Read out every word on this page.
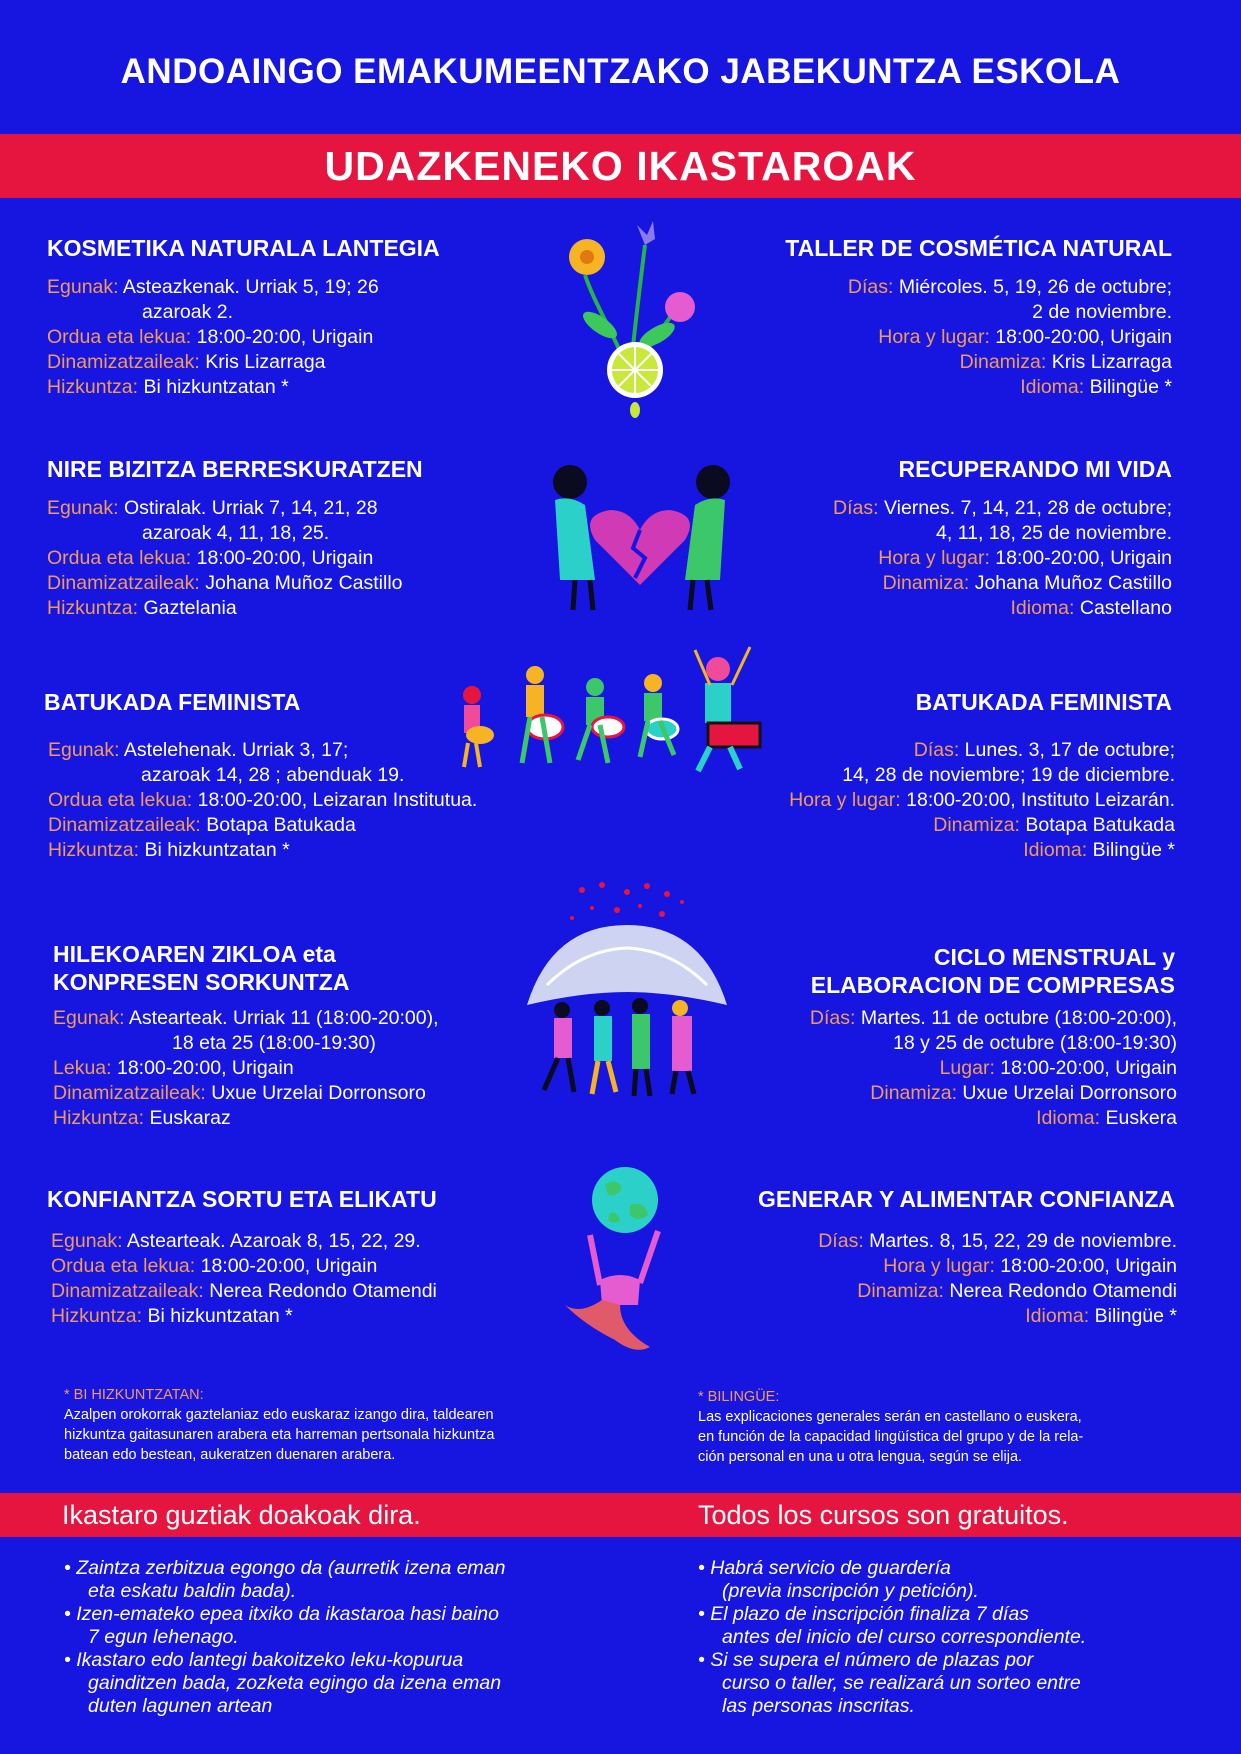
ANDOAINGO EMAKUMEENTZAKO JABEKUNTZA ESKOLA
UDAZKENEKO IKASTAROAK
KOSMETIKA NATURALA LANTEGIA
Egunak: Asteazkenak. Urriak 5, 19; 26
azaroak 2.
Ordua eta lekua: 18:00-20:00, Urigain
Dinamizatzaileak: Kris Lizarraga
Hizkuntza: Bi hizkuntzatan *
TALLER DE COSMÉTICA NATURAL
Días: Miércoles. 5, 19, 26 de octubre;
2 de noviembre.
Hora y lugar: 18:00-20:00, Urigain
Dinamiza: Kris Lizarraga
Idioma: Bilingüe *
NIRE BIZITZA BERRESKURATZEN
Egunak: Ostiralak. Urriak 7, 14, 21, 28
azaroak 4, 11, 18, 25.
Ordua eta lekua: 18:00-20:00, Urigain
Dinamizatzaileak: Johana Muñoz Castillo
Hizkuntza: Gaztelania
RECUPERANDO MI VIDA
Días: Viernes. 7, 14, 21, 28 de octubre;
4, 11, 18, 25 de noviembre.
Hora y lugar: 18:00-20:00, Urigain
Dinamiza: Johana Muñoz Castillo
Idioma: Castellano
BATUKADA FEMINISTA
Egunak: Astelehenak. Urriak 3, 17;
azaroak 14, 28 ; abenduak 19.
Ordua eta lekua: 18:00-20:00, Leizaran Institutua.
Dinamizatzaileak: Botapa Batukada
Hizkuntza: Bi hizkuntzatan *
BATUKADA FEMINISTA
Días: Lunes. 3, 17 de octubre;
14, 28 de noviembre; 19 de diciembre.
Hora y lugar: 18:00-20:00, Instituto Leizarán.
Dinamiza: Botapa Batukada
Idioma: Bilingüe *
HILEKOAREN ZIKLOA eta
KONPRESEN SORKUNTZA
Egunak: Astearteak. Urriak 11 (18:00-20:00),
18 eta 25 (18:00-19:30)
Lekua: 18:00-20:00, Urigain
Dinamizatzaileak: Uxue Urzelai Dorronsoro
Hizkuntza: Euskaraz
CICLO MENSTRUAL y
ELABORACION DE COMPRESAS
Días: Martes. 11 de octubre (18:00-20:00),
18 y 25 de octubre (18:00-19:30)
Lugar: 18:00-20:00, Urigain
Dinamiza: Uxue Urzelai Dorronsoro
Idioma: Euskera
KONFIANTZA SORTU ETA ELIKATU
Egunak: Astearteak. Azaroak 8, 15, 22, 29.
Ordua eta lekua: 18:00-20:00, Urigain
Dinamizatzaileak: Nerea Redondo Otamendi
Hizkuntza: Bi hizkuntzatan *
GENERAR Y ALIMENTAR CONFIANZA
Días: Martes. 8, 15, 22, 29 de noviembre.
Hora y lugar: 18:00-20:00, Urigain
Dinamiza: Nerea Redondo Otamendi
Idioma: Bilingüe *
* BI HIZKUNTZATAN:
Azalpen orokorrak gaztelaniaz edo euskaraz izango dira, taldearen
hizkuntza gaitasunaren arabera eta harreman pertsonala hizkuntza
batean edo bestean, aukeratzen duenaren arabera.
* BILINGÜE:
Las explicaciones generales serán en castellano o euskera,
en función de la capacidad lingüística del grupo y de la rela-
ción personal en una u otra lengua, según se elija.
Ikastaro guztiak doakoak dira.	Todos los cursos son gratuitos.
• Zaintza zerbitzua egongo da (aurretik izena eman
eta eskatu baldin bada).
• Izen-emateko epea itxiko da ikastaroa hasi baino
7 egun lehenago.
• Ikastaro edo lantegi bakoitzeko leku-kopurua
gainditzen bada, zozketa egingo da izena eman
duten lagunen artean
• Habrá servicio de guardería
(previa inscripción y petición).
• El plazo de inscripción finaliza 7 días
antes del inicio del curso correspondiente.
• Si se supera el número de plazas por
curso o taller, se realizará un sorteo entre
las personas inscritas.
